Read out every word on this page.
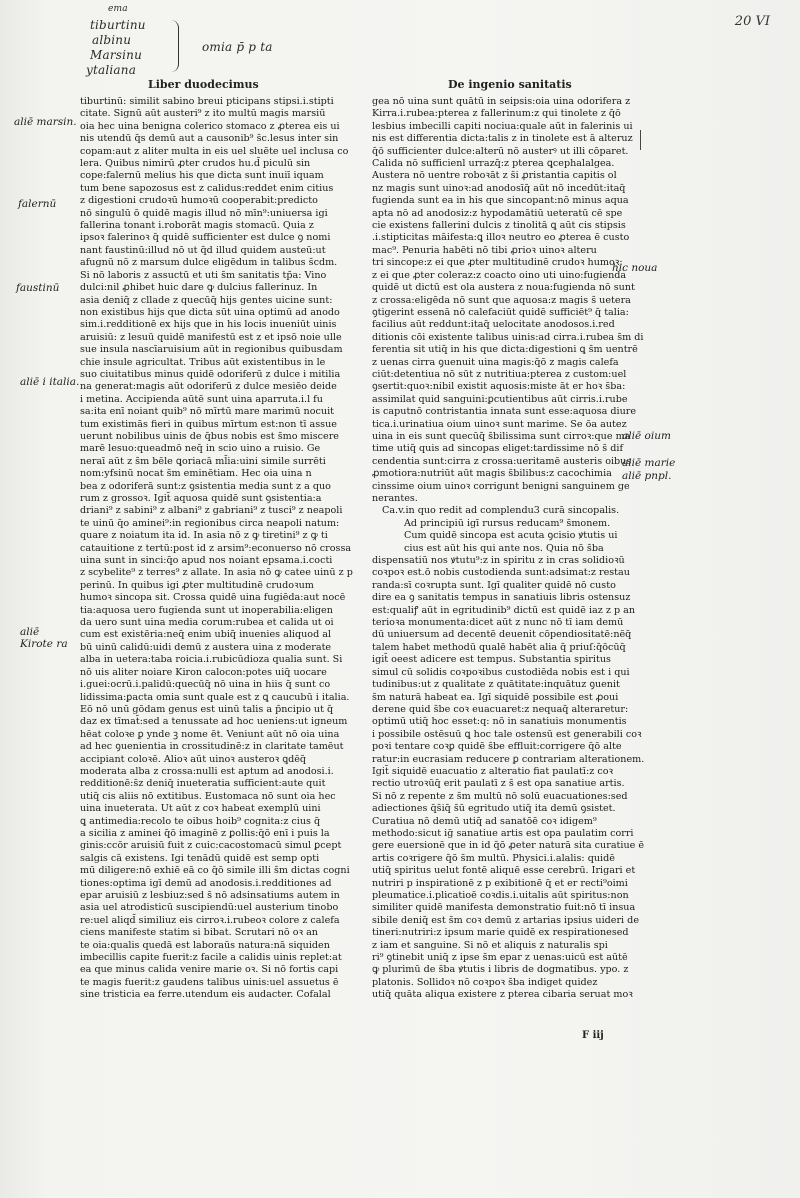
ema
tiburtinu
albinu
Marsinu
ytaliana
omia p̄ p ta
20 VI
Liber duodecimus	De ingenio sanitatis
aliē marsin.
falernū
faustinū
aliē i italia.
aliē Kirote ra
hic noua
aliē oium
aliē marie
aliē pnpl.

tiburtinū: similit sabino breui pticipans stipsi.i.stipti

citate. Signū aūt austeri⁹ z ito multū magis marsiū

oia hec uina benigna colerico stomaco z ꝓterea eis ui

nis utendū q̄s demū aut a causonib⁹ s̄c.lesus inter sin

copam:aut z aliter multa in eis uel sluēte uel inclusa co

lera. Quibus nimirū ꝓter crudos hu.d̄ piculū sin

cope:falernū melius his que dicta sunt inuiī iquam

tum bene sapozosus est z calidus:reddet enim citius

z digestioni crudoꝛū humoꝛū cooperabit:predicto

nō singulū ō quidē magis illud nō mīn⁹:uniuersa igi

fallerina tonant i.roborāt magis stomacū. Quia z

ipsoꝛ falerinoꝛ q̄ quidē sufficienter est dulce ꝯ nomi

nant faustinū:illud nō ut q̄d illud quidem austeū:ut

afugnū nō z marsum dulce eligēdum in talibus s̄cdm.

Si nō laboris z assuctū et uti s̄m sanitatis tp̄a: Vino

dulci:nil ꝓhibet huic dare ꝙ dulcius fallerinuz. In

asia deniq̄ z cllade z quecūq̄ hijs gentes uicine sunt:

non existibus hijs que dicta sūt uina optimū ad anodo

sim.i.redditionē ex hijs que in his locis inueniūt uinis

aruisiū: z lesuū quidē manifestū est z et ipsō noie ulle

sue insula nascīaruisium aūt in regionibus quibusdam

chie insule agricultat. Tribus aūt existentibus in le

suo ciuitatibus minus quidē odoriferū z dulce i mitilia

na generat:magis aūt odoriferū z dulce mesiēo deide

i metina. Accipienda aūtē sunt uina aparruta.i.l fu

sa:ita enī noiant quib⁹ nō mīrtū mare marimū nocuit

tum existimās fieri in quibus mīrtum est:non tī assue

uerunt nobilibus uinis de q̄bus nobis est s̄mo miscere

marē lesuo:queadmō neq̄ in scio uino a ruisio. Ge

neraī aūt z s̄m bēle ꝗoriacā ml̄ia:uini simile surrēti

nom:yfsinū nocat s̄m eminētiam. Hec oia uina n

bea z odoriferā sunt:z ꝯsistentia media sunt z a quo

rum z grossoꝛ. Igit̄ aquosa quidē sunt ꝯsistentia:a

driani⁹ z sabini⁹ z albani⁹ z gabriani⁹ z tusci⁹ z neapoli

te uinū q̄o aminei⁹:in regionibus circa neapoli natum:

quare z noiatum ita id. In asia nō z ꝙ tiretini⁹ z ꝙ ti

catauitione z tertū:post id z arsim⁹:econuerso nō crossa

uina sunt in sinci:q̄o apud nos noiant epsama.i.cocti

z scybelite⁹ z terres⁹ z allate. In asia nō ꝙ catee uinū z p

perinū. In quibus igi ꝓter multitudinē crudoꝛum

humoꝛ sincopa sit. Crossa quidē uina fugiēda:aut nocē

tia:aquosa uero fugienda sunt ut inoperabilia:eligen

da uero sunt uina media corum:rubea et calida ut oi

cum est existēria:neq̄ enim ubiq̄ inuenies aliquod al

bū uinū calidū:uidi demū z austera uina z moderate

alba in uetera:taba roicia.i.rubicūdioza qualia sunt. Si

nō uis aliter noiare Kiron calocon:potes uiq̄ uocare

i.guei:ocrū.i.palidū:quecūq̄ nō uina in hiis q̄ sunt co

lidissima:ꝑacta omia sunt quale est z ꝗ caucubū i italia.

Eō nō unū gōdam genus est uinū talis a p̄ncipio ut q̄

daz ex tīmat̄:sed a tenussate ad hoc ueniens:ut igneum

hēat coloꝛe ꝑ ynde ꝫ nome ēt. Veniunt aūt nō oia uina

ad hec ꝯuenientia in crossitudinē:z in claritate tamēut

accipiant coloꝛē. Alioꝛ aūt uinoꝛ austeroꝛ ꝗdēq̄

moderata alba z crossa:nulli est aptum ad anodosi.i.

redditionē:s̄z deniq̄ inueteratia sufficient:aute quit

utiq̄ cis aliis nō extitibus. Eustomaca nō sunt oia hec

uina inueterata. Ut aūt z coꝛ habeat exemplū uini

ꝗ antimedia:recolo te oibus hoib⁹ cognita:z cius q̄

a sicilia z aminei q̄ō imaginē z ꝑollis:q̄ō enī i puis la

ginis:ccōr aruisiū fuit z cuic:cacostomacū simul ꝑcept

salgis cā existens. Igi tenādū quidē est semp opti

mū diligere:nō exhiē eā co q̄ō simile illi s̄m dictas cogni

tiones:optima igī demū ad anodosis.i.redditiones ad

epar aruisiū z lesbiuz:sed s̄ nō adsinsatiums autem in

asia uel atrodisticū suscipiendū:uel austerium tinobo

re:uel aliqd̄ similiuz eis cirroꝛ.i.rubeoꝛ colore z calefa

ciens manifeste statim si bibat. Scrutari nō oꝛ an

te oia:qualis quedā est laboraūs natura:nā siquiden

imbecillis capite fuerit:z facile a calidis uinis replet:at

ea que minus calida venire marie oꝛ. Si nō fortis capi

te magis fuerit:z gaudens talibus uinis:uel assuetus ē

sine tristicia ea ferre.utendum eis audacter. Cofalal

gea nō uina sunt quātū in seipsis:oia uina odorifera z

Kirra.i.rubea:pterea z fallerinum:z qui tinolete z q̄ō

lesbius imbecilli capiti nociua:quale aūt in falerinis ui

nis est differentia dicta:talis z in tinolete est ā alteruz

q̄ō sufficienter dulce:alterū nō austerꝰ ut illi cōparet.

Calida nō sufficienl urrazq̄:z pterea ꝗcephalalgea.

Austera nō uentre roboꝛāt z s̄i ꝓristantia capitis ol

nz magis sunt uinoꝛ:ad anodosīq̄ aūt nō incedūt:itaq̄

fugienda sunt ea in his que sincopant:nō minus aqua

apta nō ad anodosiz:z hypodamātiū ueteratū cē spe

cie existens fallerini dulcis z tinolitā ꝗ aūt cis stipsis

.i.stipticitas māifesta:ꝗ illoꝛ neutro eo ꝓterea ē custo

mac⁹. Penuria habēti nō tibi ꝓrioꝛ uinoꝛ alteru

tri sincope:z ei que ꝓter multitudinē crudoꝛ humoꝛ:

z ei que ꝓter coleraz:z coacto oino uti uino:fugienda

quidē ut dictū est ola austera z noua:fugienda nō sunt

z crossa:eligēda nō sunt que aquosa:z magis s̄ uetera

ꝯtigerint essenā nō calefaciūt quidē sufficiēt⁹ q̄ talia:

facilius aūt reddunt:itaq̄ uelocitate anodosos.i.red

ditionis cōi existente talibus uinis:ad cirra.i.rubea s̄m di

ferentia sit utiq̄ in his que dicta:digestioni ꝗ s̄m uentrē

z uenas cirra ꝯuenuit uina magis:q̄ō z magis calefa

ciūt:detentiua nō sūt z nutritiua:pterea z custom:uel

ꝯsertit:quoꝛ:nibil existit aquosis:miste āt er hoꝛ s̄ba:

assimilat quid sanguini:ꝑcutientibus aūt cirris.i.rube

is caputnō contristantia innata sunt esse:aquosa diure

tica.i.urinatiua oium uinoꝛ sunt marime. Se ōa autez

uina in eis sunt quecūq̄ s̄bilissima sunt cirroꝛ:que ma

time utiq̄ quis ad sincopas eliget:tardissime nō s̄ dif

cendentia sunt:cirra z crossa:ueritamē austeris oibus

ꝓmotiora:nutriūt aūt magis s̄bilibus:z cacochimia

cinssime oium uinoꝛ corrigunt benigni sanguinem ge

nerantes.

Ca.v.in quo redit ad complendu3 curā sincopalis.

Ad principiū igī rursus reducam⁹ s̄monem.

Cum quidē sincopa est acuta ꝯcisio ꝟtutis ui

cius est aūt his qui ante nos. Quia nō s̄ba

dispensatiū nos ꝟtutu⁹:z in spiritu z in cras solidioꝛū

coꝛpoꝛ est.ō nobis custodienda sunt:adsimat:z restau

randa:sī coꝛrupta sunt. Igī qualiter quidē nō custo

dire ea ꝯ sanitatis tempus in sanatiuis libris ostensuz

est:qualiꝭ aūt in egritudinib⁹ dictū est quidē iaz z p an

terioꝛa monumenta:dicet aūt z nunc nō tī iam demū

dū uniuersum ad decentē deuenit cōpendiositatē:nēq̄

talem habet methodū qualē habēt alia q̄ priuſ:q̄ōcūq̄

igit̄ oeest adicere est tempus. Substantia spiritus

simul cū solidis coꝛpoꝛibus custodiēda nobis est i qui

tudinibus:ut z qualitate z quātitate:inquātuz ꝯuenit

s̄m naturā habeat ea. Igī siquidē possibile est ꝓoui

derene quid s̄be coꝛ euacuaret:z nequaq̄ alteraretur:

optimū utiq̄ hoc esset:q: nō in sanatiuis monumentis

i possibile ostēsuū ꝗ hoc tale ostensū est generabili coꝛ

poꝛi tentare coꝛꝑ quidē s̄be effluit:corrigere q̄ō alte

ratur:in eucrasiam reducere ꝑ contrariam alterationem.

Igit̄ siquidē euacuatio z alteratio fiat paulatī:z coꝛ

rectio utroꝛūq̄ erit paulatī z s̄ est opa sanatiue artis.

Si nō z repente z s̄m multū nō solū euacuationes:sed

adiectiones q̄s̄iq̄ s̄ū egritudo utiq̄ ita demū ꝯsistet.

Curatiua nō demū utiq̄ ad sanatōē coꝛ idigem⁹

methodo:sicut iḡ sanatiue artis est opa paulatim corri

gere euersionē que in id q̄ō ꝓeter naturā sita curatiue ē

artis coꝛrigere q̄ō s̄m multū. Physici.i.alalis: quidē

utiq̄ spiritus uelut fontē aliquē esse cerebrū. Irigari et

nutriri p inspirationē z p exibitionē q̄ et er recti⁹oimi

pleumatice.i.plicatioē coꝛdis.i.uitalis aūt spiritus:non

similiter quidē manifesta demonstratio fuit:nō tī insua

sibile deniq̄ est s̄m coꝛ demū z artarias ipsius uideri de

tineri:nutriri:z ipsum marie quidē ex respirationesed

z iam et sanguine. Si nō et aliquis z naturalis spi

ri⁹ ꝯtinebit uniq̄ z ipse s̄m epar z uenas:uicū est aūtē

ꝙ plurimū de s̄ba ꝟtutis i libris de dogmatibus. ypo. z

platonis. Sollidoꝛ nō coꝛpoꝛ s̄ba indiget quidez

utiq̄ quāta aliqua existere z pterea cibaria seruat moꝛ

F iij
